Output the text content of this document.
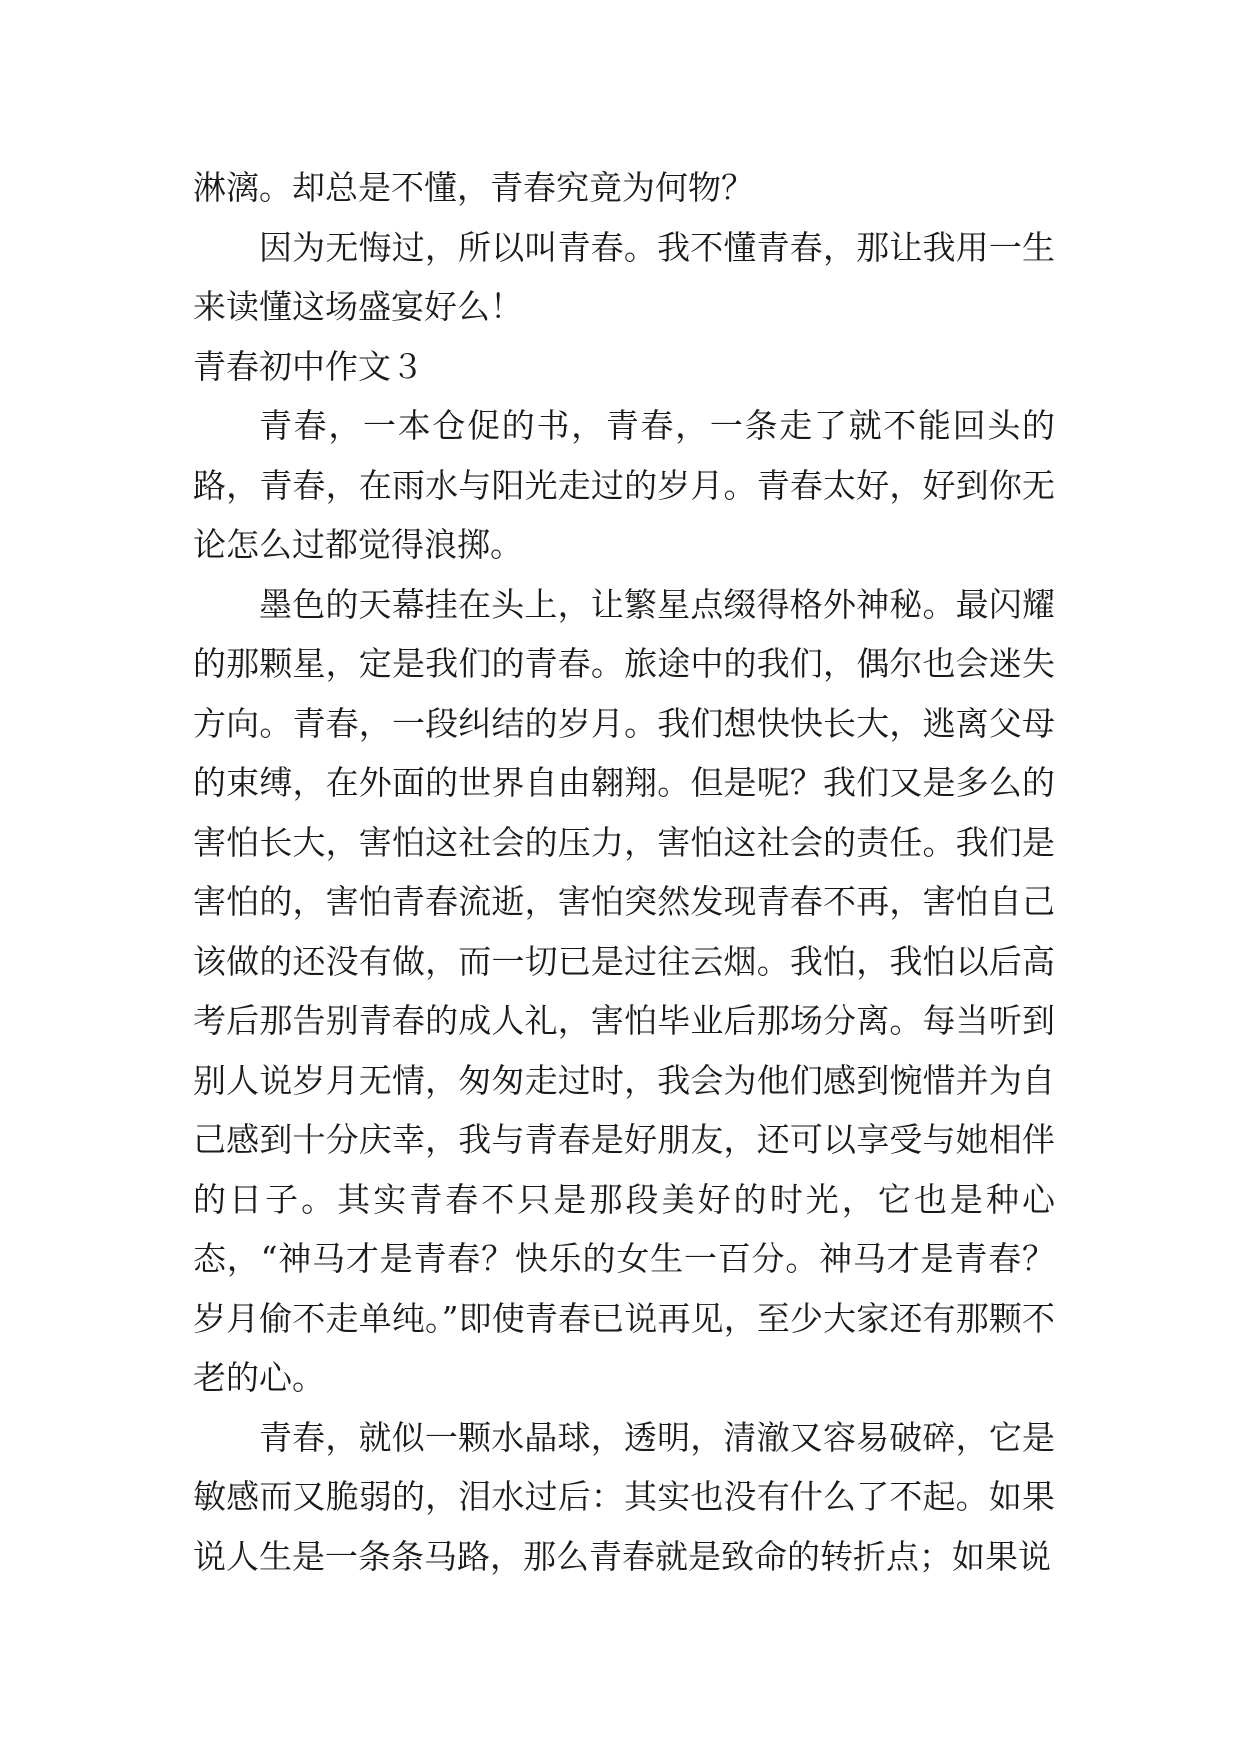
淋漓。却总是不懂，青春究竟为何物？

因为无悔过，所以叫青春。我不懂青春，那让我用一生来读懂这场盛宴好么！

青春初中作文３

青春，一本仓促的书，青春，一条走了就不能回头的路，青春，在雨水与阳光走过的岁月。青春太好，好到你无论怎么过都觉得浪掷。

墨色的天幕挂在头上，让繁星点缀得格外神秘。最闪耀的那颗星，定是我们的青春。旅途中的我们，偶尔也会迷失方向。青春，一段纠结的岁月。我们想快快长大，逃离父母的束缚，在外面的世界自由翱翔。但是呢？我们又是多么的害怕长大，害怕这社会的压力，害怕这社会的责任。我们是害怕的，害怕青春流逝，害怕突然发现青春不再，害怕自己该做的还没有做，而一切已是过往云烟。我怕，我怕以后高考后那告别青春的成人礼，害怕毕业后那场分离。每当听到别人说岁月无情，匆匆走过时，我会为他们感到惋惜并为自己感到十分庆幸，我与青春是好朋友，还可以享受与她相伴的日子。其实青春不只是那段美好的时光，它也是种心态，“神马才是青春？快乐的女生一百分。神马才是青春？岁月偷不走单纯。”即使青春已说再见，至少大家还有那颗不老的心。

青春，就似一颗水晶球，透明，清澈又容易破碎，它是敏感而又脆弱的，泪水过后：其实也没有什么了不起。如果说人生是一条条马路，那么青春就是致命的转折点；如果说
